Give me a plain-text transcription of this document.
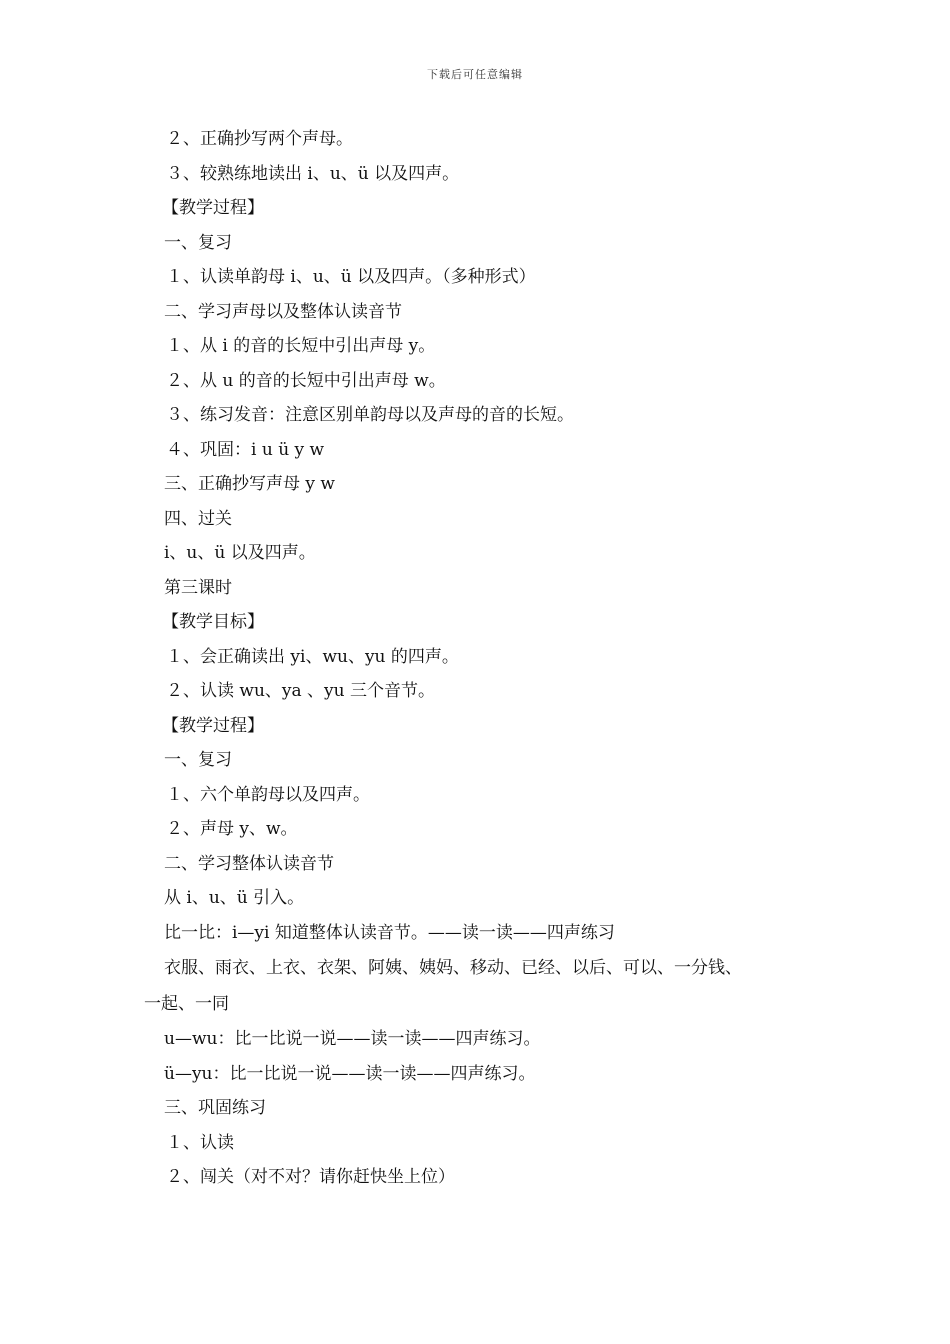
下载后可任意编辑
２、正确抄写两个声母。
３、较熟练地读出 i、u、ü 以及四声。
【教学过程】
一、复习
１、认读单韵母 i、u、ü 以及四声。（多种形式）
二、学习声母以及整体认读音节
１、从 i 的音的长短中引出声母 y。
２、从 u 的音的长短中引出声母 w。
３、练习发音：注意区别单韵母以及声母的音的长短。
４、巩固：i u ü y w
三、正确抄写声母 y w
四、过关
i、u、ü 以及四声。
第三课时
【教学目标】
１、会正确读出 yi、wu、yu 的四声。
２、认读 wu、ya 、yu 三个音节。
【教学过程】
一、复习
１、六个单韵母以及四声。
２、声母 y、w。
二、学习整体认读音节
从 i、u、ü 引入。
比一比：i—yi 知道整体认读音节。——读一读——四声练习
衣服、雨衣、上衣、衣架、阿姨、姨妈、移动、已经、以后、可以、一分钱、
一起、一同
u—wu：比一比说一说——读一读——四声练习。
ü—yu：比一比说一说——读一读——四声练习。
三、巩固练习
１、认读
２、闯关（对不对？请你赶快坐上位）
